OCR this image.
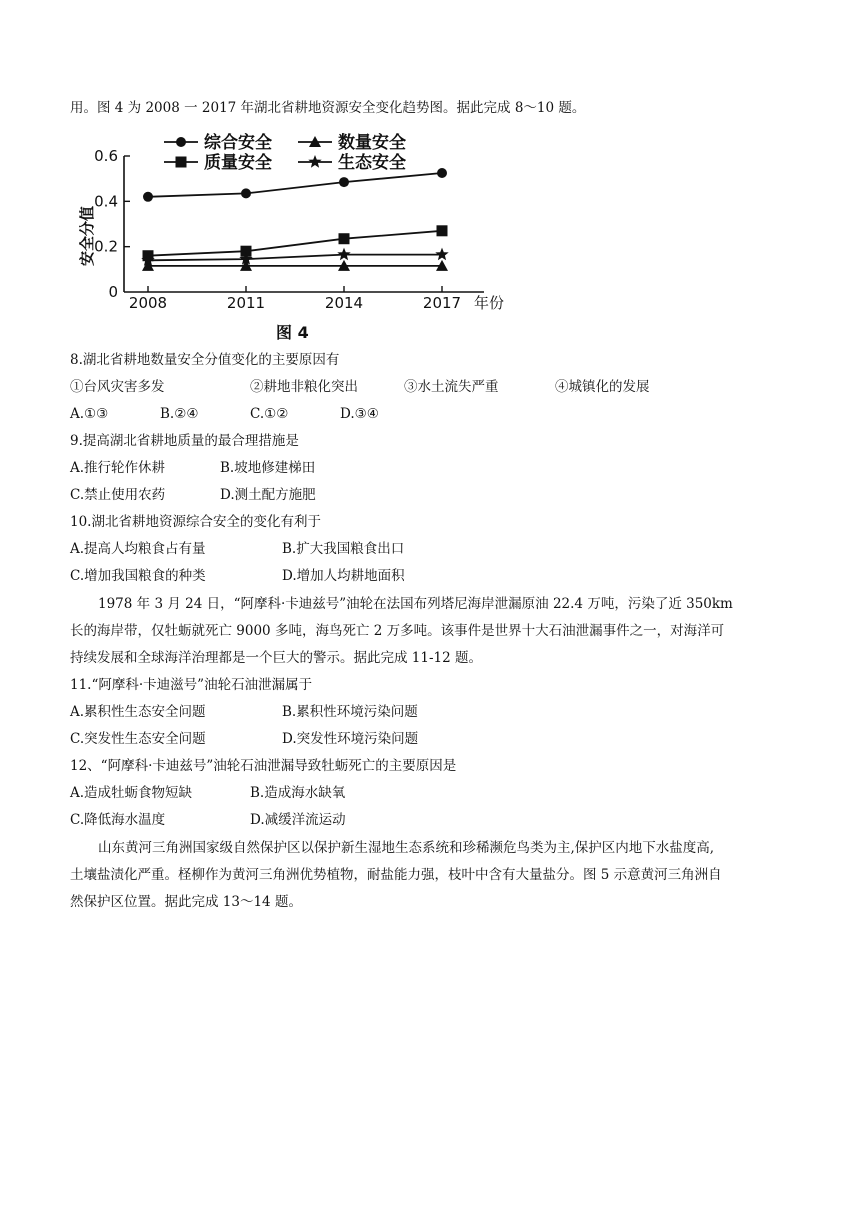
用。图 4 为 2008 一 2017 年湖北省耕地资源安全变化趋势图。据此完成 8～10 题。
综合安全	数量安全
质量安全	生态安全
0
0.2
0.4
0.6
2008	2011	2014	2017 年份
安全分值
图 4
8.湖北省耕地数量安全分值变化的主要原因有
①台风灾害多发	②耕地非粮化突出	③水土流失严重	④城镇化的发展
A.①③	B.②④	C.①②	D.③④
9.提高湖北省耕地质量的最合理措施是
A.推行轮作休耕	B.坡地修建梯田
C.禁止使用农药	D.测土配方施肥
10.湖北省耕地资源综合安全的变化有利于
A.提高人均粮食占有量	B.扩大我国粮食出口
C.增加我国粮食的种类	D.增加人均耕地面积
1978 年 3 月 24 日，“阿摩科·卡迪兹号”油轮在法国布列塔尼海岸泄漏原油 22.4 万吨，污染了近 350km
长的海岸带，仅牡蛎就死亡 9000 多吨，海鸟死亡 2 万多吨。该事件是世界十大石油泄漏事件之一，对海洋可
持续发展和全球海洋治理都是一个巨大的警示。据此完成 11-12 题。
11.“阿摩科·卡迪滋号”油轮石油泄漏属于
A.累积性生态安全问题	B.累积性环境污染问题
C.突发性生态安全问题	D.突发性环境污染问题
12、“阿摩科·卡迪兹号”油轮石油泄漏导致牡蛎死亡的主要原因是
A.造成牡蛎食物短缺	B.造成海水缺氧
C.降低海水温度	D.减缓洋流运动
山东黄河三角洲国家级自然保护区以保护新生湿地生态系统和珍稀濒危鸟类为主,保护区内地下水盐度高,
土壤盐渍化严重。柽柳作为黄河三角洲优势植物，耐盐能力强，枝叶中含有大量盐分。图 5 示意黄河三角洲自
然保护区位置。据此完成 13～14 题。
